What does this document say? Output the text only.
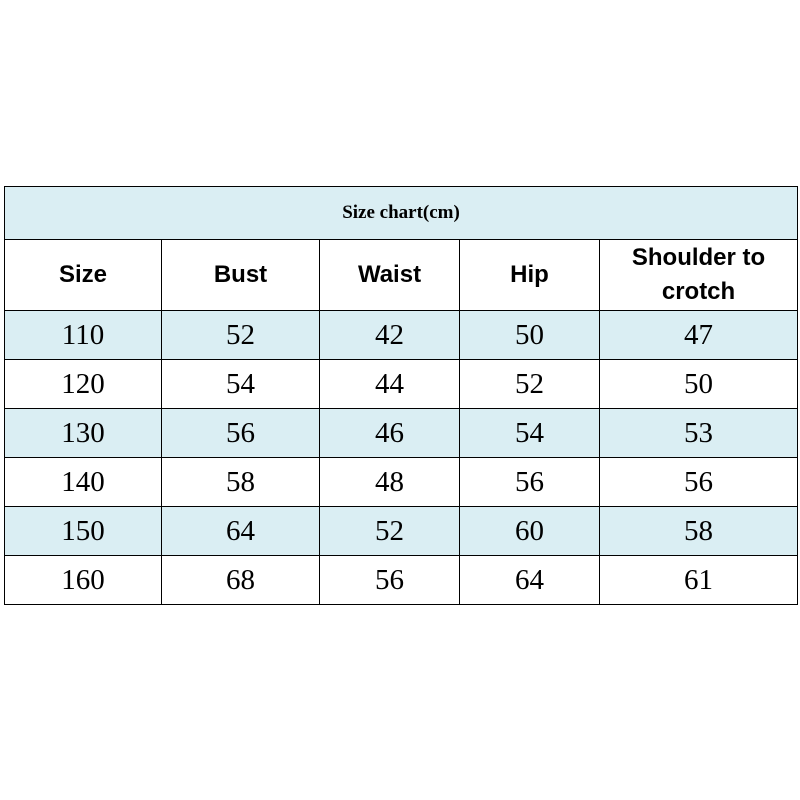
Size chart(cm)				
Size	Bust	Waist	Hip	Shoulder to crotch
110	52	42	50	47
120	54	44	52	50
130	56	46	54	53
140	58	48	56	56
150	64	52	60	58
160	68	56	64	61
